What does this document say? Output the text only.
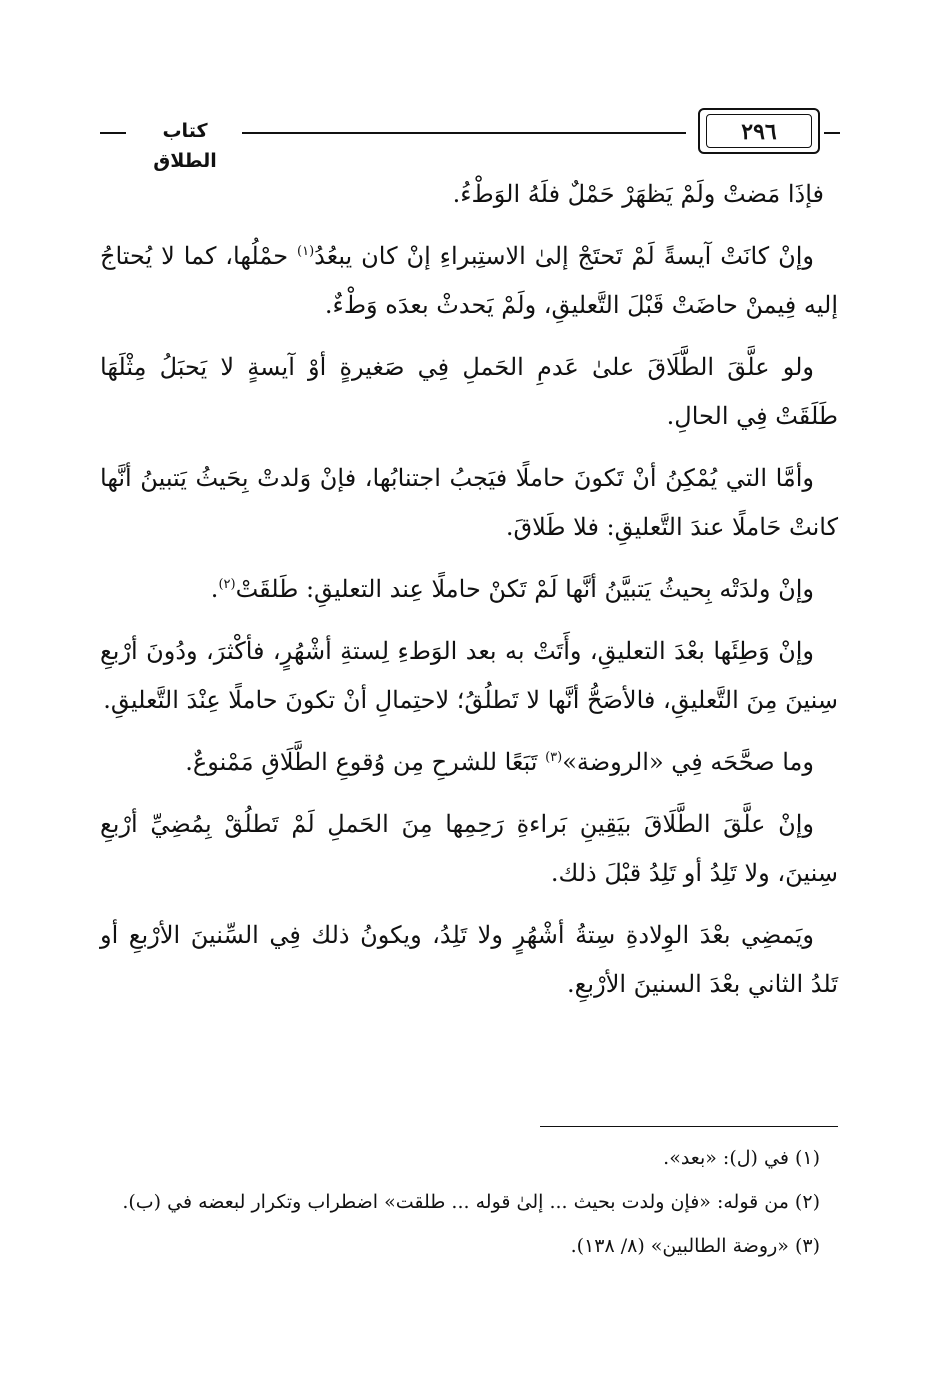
كتاب الطلاق
٢٩٦

فإذَا مَضتْ ولَمْ يَظهَرْ حَمْلٌ فلَهُ الوَطْءُ.

وإنْ كانَتْ آيسةً لَمْ تَحتَجْ إلىٰ الاستِبراءِ إنْ كان يبعُدُ$^{(١)}$ حمْلُها، كما لا يُحتاجُ إليه فِيمنْ حاضَتْ قَبْلَ التَّعليقِ، ولَمْ يَحدثْ بعدَه وَطْءٌ.

ولو علَّقَ الطَّلَاقَ علىٰ عَدمِ الحَملِ فِي صَغيرةٍ أوْ آيسةٍ لا يَحبَلُ مِثْلَهَا طَلَقَتْ فِي الحالِ.

وأمَّا التي يُمْكِنُ أنْ تَكونَ حاملًا فيَجبُ اجتنابُها، فإنْ وَلدتْ بِحَيثُ يَتبينُ أنَّها كانتْ حَاملًا عندَ التَّعليقِ: فلا طَلاقَ.

وإنْ ولدَتْه بِحيثُ يَتبيَّنُ أنَّها لَمْ تَكنْ حاملًا عِند التعليقِ: طَلقَتْ$^{(٢)}$.

وإنْ وَطِئَها بعْدَ التعليقِ، وأَتَتْ به بعد الوَطءِ لِستةِ أشْهُرٍ، فأكْثرَ، ودُونَ أرْبعِ سِنينَ مِنَ التَّعليقِ، فالأصَحُّ أنَّها لا تَطلُقُ؛ لاحتِمالِ أنْ تكونَ حاملًا عِنْدَ التَّعليقِ.

وما صحَّحَه فِي «الروضة»$^{(٣)}$ تَبَعًا للشرحِ مِن وُقوعِ الطَّلَاقِ مَمْنوعٌ.

وإنْ علَّقَ الطَّلَاقَ بيَقِينِ بَراءةِ رَحِمِها مِنَ الحَملِ لَمْ تَطلُقْ بِمُضِيِّ أرْبعِ سِنينَ، ولا تَلِدُ أو تَلِدُ قبْلَ ذلك.

ويَمضِي بعْدَ الوِلادةِ سِتةُ أشْهُرٍ ولا تَلِدُ، ويكونُ ذلك فِي السِّنينَ الأرْبعِ أو تَلدُ الثاني بعْدَ السنينَ الأرْبعِ.

(١) في (ل): «بعد».

(٢) من قوله: «فإن ولدت بحيث ... إلىٰ قوله ... طلقت» اضطراب وتكرار لبعضه في (ب).

(٣) «روضة الطالبين» (٨/ ١٣٨).
